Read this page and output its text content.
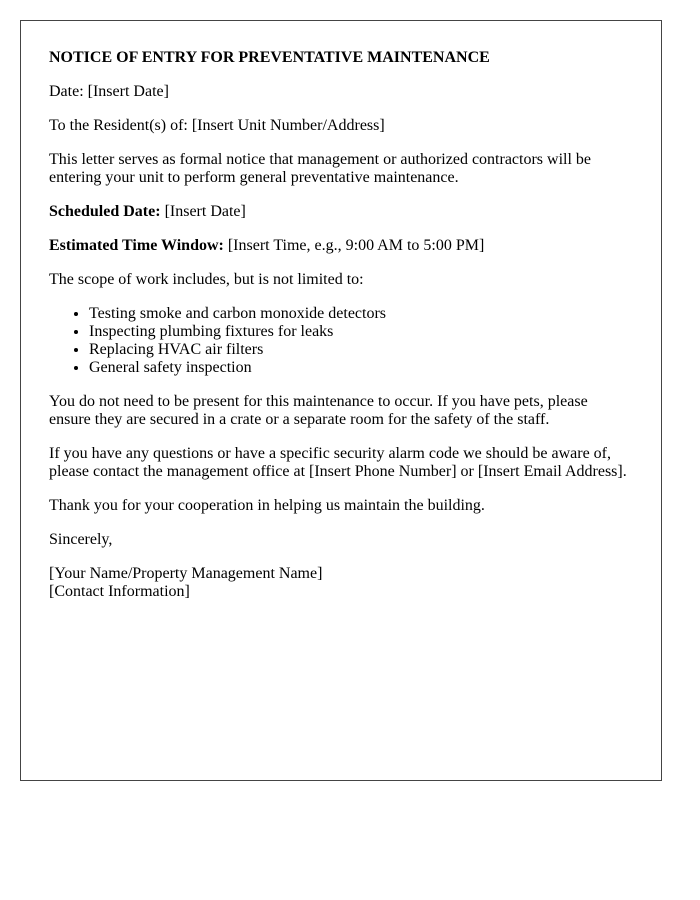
NOTICE OF ENTRY FOR PREVENTATIVE MAINTENANCE

Date: [Insert Date]

To the Resident(s) of: [Insert Unit Number/Address]

This letter serves as formal notice that management or authorized contractors will be entering your unit to perform general preventative maintenance.

Scheduled Date: [Insert Date]

Estimated Time Window: [Insert Time, e.g., 9:00 AM to 5:00 PM]

The scope of work includes, but is not limited to:

• Testing smoke and carbon monoxide detectors
• Inspecting plumbing fixtures for leaks
• Replacing HVAC air filters
• General safety inspection

You do not need to be present for this maintenance to occur. If you have pets, please ensure they are secured in a crate or a separate room for the safety of the staff.

If you have any questions or have a specific security alarm code we should be aware of, please contact the management office at [Insert Phone Number] or [Insert Email Address].

Thank you for your cooperation in helping us maintain the building.

Sincerely,

[Your Name/Property Management Name]

[Contact Information]
